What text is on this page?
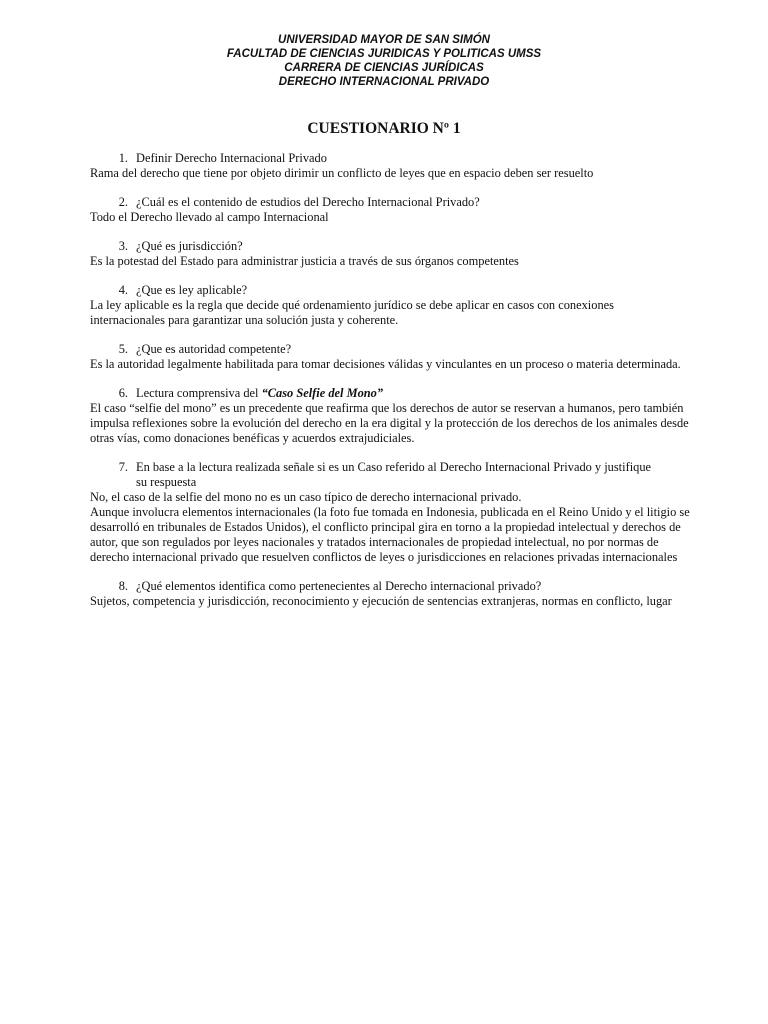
UNIVERSIDAD MAYOR DE SAN SIMÓN
FACULTAD DE CIENCIAS JURIDICAS Y POLITICAS UMSS
CARRERA DE CIENCIAS JURÍDICAS
DERECHO INTERNACIONAL PRIVADO
CUESTIONARIO Nº 1
1. Definir Derecho Internacional Privado

Rama del derecho que tiene por objeto dirimir un conflicto de leyes que en espacio deben ser resuelto

2. ¿Cuál es el contenido de estudios del Derecho Internacional Privado?

Todo el Derecho llevado al campo Internacional

3. ¿Qué es jurisdicción?

Es la potestad del Estado para administrar justicia a través de sus órganos competentes

4. ¿Que es ley aplicable?

La ley aplicable es la regla que decide qué ordenamiento jurídico se debe aplicar en casos con conexiones internacionales para garantizar una solución justa y coherente.

5. ¿Que es autoridad competente?

Es la autoridad legalmente habilitada para tomar decisiones válidas y vinculantes en un proceso o materia determinada.

6. Lectura comprensiva del “Caso Selfie del Mono”

El caso “selfie del mono” es un precedente que reafirma que los derechos de autor se reservan a humanos, pero también impulsa reflexiones sobre la evolución del derecho en la era digital y la protección de los derechos de los animales desde otras vías, como donaciones benéficas y acuerdos extrajudiciales.

7. En base a la lectura realizada señale si es un Caso referido al Derecho Internacional Privado y justifique su respuesta

No, el caso de la selfie del mono no es un caso típico de derecho internacional privado.

Aunque involucra elementos internacionales (la foto fue tomada en Indonesia, publicada en el Reino Unido y el litigio se desarrolló en tribunales de Estados Unidos), el conflicto principal gira en torno a la propiedad intelectual y derechos de autor, que son regulados por leyes nacionales y tratados internacionales de propiedad intelectual, no por normas de derecho internacional privado que resuelven conflictos de leyes o jurisdicciones en relaciones privadas internacionales

8. ¿Qué elementos identifica como pertenecientes al Derecho internacional privado?

Sujetos, competencia y jurisdicción, reconocimiento y ejecución de sentencias extranjeras, normas en conflicto, lugar
